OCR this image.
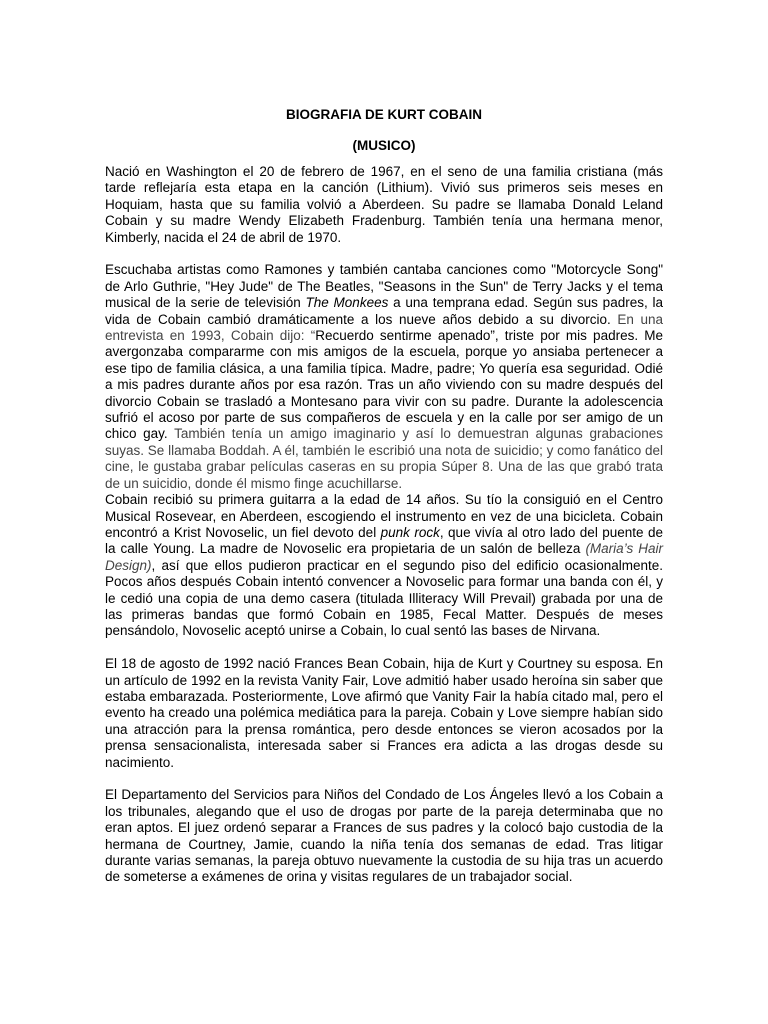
BIOGRAFIA DE KURT COBAIN
(MUSICO)

Nació en Washington el 20 de febrero de 1967, en el seno de una familia cristiana (más tarde reflejaría esta etapa en la canción (Lithium). Vivió sus primeros seis meses en Hoquiam, hasta que su familia volvió a Aberdeen. Su padre se llamaba Donald Leland Cobain y su madre Wendy Elizabeth Fradenburg. También tenía una hermana menor, Kimberly, nacida el 24 de abril de 1970.

Escuchaba artistas como Ramones y también cantaba canciones como "Motorcycle Song" de Arlo Guthrie, "Hey Jude" de The Beatles, "Seasons in the Sun" de Terry Jacks y el tema musical de la serie de televisión The Monkees a una temprana edad. Según sus padres, la vida de Cobain cambió dramáticamente a los nueve años debido a su divorcio. En una entrevista en 1993, Cobain dijo: “Recuerdo sentirme apenado”, triste por mis padres. Me avergonzaba compararme con mis amigos de la escuela, porque yo ansiaba pertenecer a ese tipo de familia clásica, a una familia típica. Madre, padre; Yo quería esa seguridad. Odié a mis padres durante años por esa razón. Tras un año viviendo con su madre después del divorcio Cobain se trasladó a Montesano para vivir con su padre. Durante la adolescencia sufrió el acoso por parte de sus compañeros de escuela y en la calle por ser amigo de un chico gay. También tenía un amigo imaginario y así lo demuestran algunas grabaciones suyas. Se llamaba Boddah. A él, también le escribió una nota de suicidio; y como fanático del cine, le gustaba grabar películas caseras en su propia Súper 8. Una de las que grabó trata de un suicidio, donde él mismo finge acuchillarse.

Cobain recibió su primera guitarra a la edad de 14 años. Su tío la consiguió en el Centro Musical Rosevear, en Aberdeen, escogiendo el instrumento en vez de una bicicleta. Cobain encontró a Krist Novoselic, un fiel devoto del punk rock, que vivía al otro lado del puente de la calle Young. La madre de Novoselic era propietaria de un salón de belleza (Maria’s Hair Design), así que ellos pudieron practicar en el segundo piso del edificio ocasionalmente. Pocos años después Cobain intentó convencer a Novoselic para formar una banda con él, y le cedió una copia de una demo casera (titulada Illiteracy Will Prevail) grabada por una de las primeras bandas que formó Cobain en 1985, Fecal Matter. Después de meses pensándolo, Novoselic aceptó unirse a Cobain, lo cual sentó las bases de Nirvana.

El 18 de agosto de 1992 nació Frances Bean Cobain, hija de Kurt y Courtney su esposa. En un artículo de 1992 en la revista Vanity Fair, Love admitió haber usado heroína sin saber que estaba embarazada. Posteriormente, Love afirmó que Vanity Fair la había citado mal, pero el evento ha creado una polémica mediática para la pareja. Cobain y Love siempre habían sido una atracción para la prensa romántica, pero desde entonces se vieron acosados por la prensa sensacionalista, interesada saber si Frances era adicta a las drogas desde su nacimiento.

El Departamento del Servicios para Niños del Condado de Los Ángeles llevó a los Cobain a los tribunales, alegando que el uso de drogas por parte de la pareja determinaba que no eran aptos. El juez ordenó separar a Frances de sus padres y la colocó bajo custodia de la hermana de Courtney, Jamie, cuando la niña tenía dos semanas de edad. Tras litigar durante varias semanas, la pareja obtuvo nuevamente la custodia de su hija tras un acuerdo de someterse a exámenes de orina y visitas regulares de un trabajador social.
